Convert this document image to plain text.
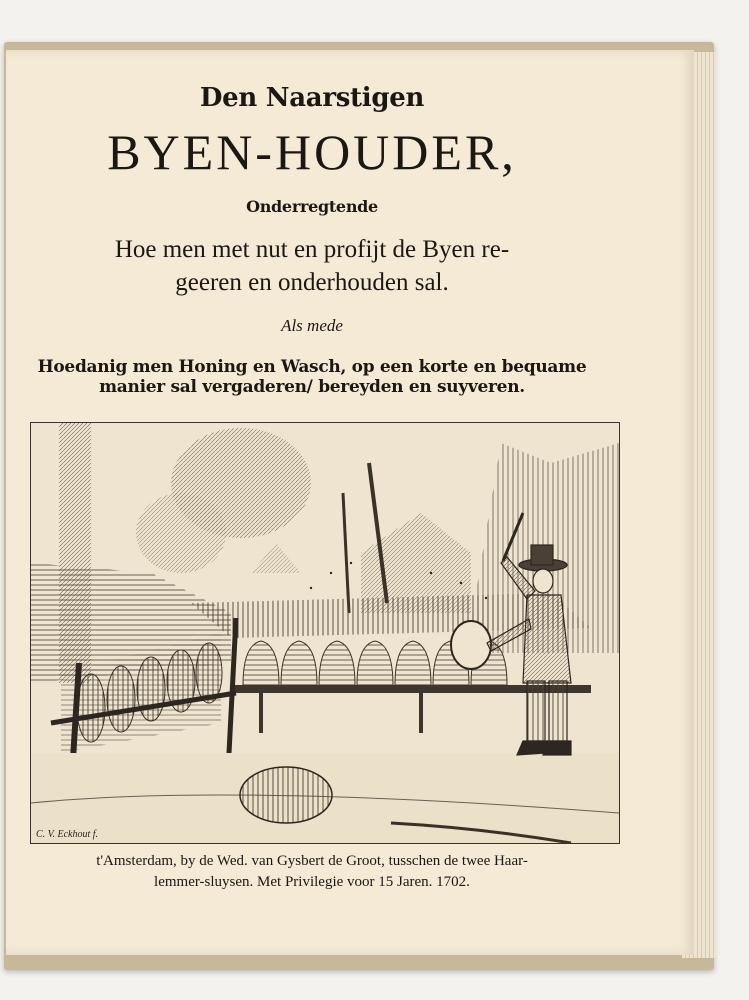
Den Naarstigen

BYEN-HOUDER,

Onderregtende

Hoe men met nut en profijt de Byen re-

geeren en onderhouden sal.

Als mede

Hoedanig men Honing en Wasch, op een korte en bequame

manier sal vergaderen/ bereyden en suyveren.

C. V. Eckhout f.

t'Amsterdam, by de Wed. van Gysbert de Groot, tusschen de twee Haar-

lemmer-sluysen. Met Privilegie voor 15 Jaren. 1702.
